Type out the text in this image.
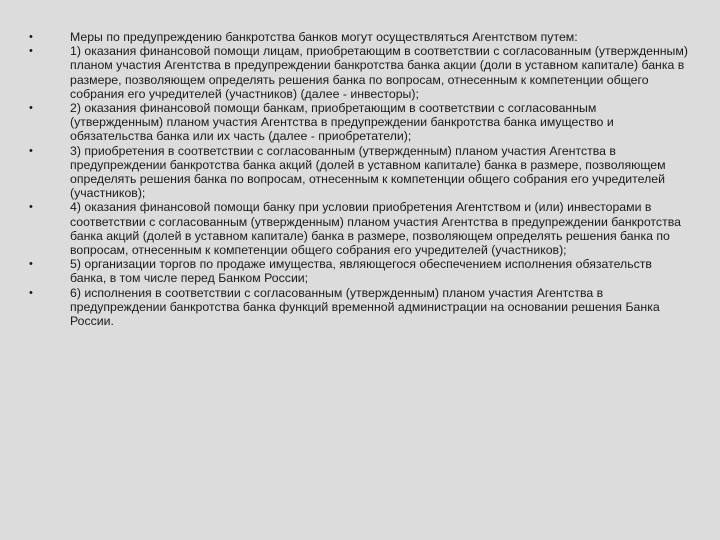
•	Меры по предупреждению банкротства банков могут осуществляться Агентством путем:
•	1) оказания финансовой помощи лицам, приобретающим в соответствии с согласованным (утвержденным) планом участия Агентства в предупреждении банкротства банка акции (доли в уставном капитале) банка в размере, позволяющем определять решения банка по вопросам, отнесенным к компетенции общего собрания его учредителей (участников) (далее - инвесторы);
•	2) оказания финансовой помощи банкам, приобретающим в соответствии с согласованным (утвержденным) планом участия Агентства в предупреждении банкротства банка имущество и обязательства банка или их часть (далее - приобретатели);
•	3) приобретения в соответствии с согласованным (утвержденным) планом участия Агентства в предупреждении банкротства банка акций (долей в уставном капитале) банка в размере, позволяющем определять решения банка по вопросам, отнесенным к компетенции общего собрания его учредителей (участников);
•	4) оказания финансовой помощи банку при условии приобретения Агентством и (или) инвесторами в соответствии с согласованным (утвержденным) планом участия Агентства в предупреждении банкротства банка акций (долей в уставном капитале) банка в размере, позволяющем определять решения банка по вопросам, отнесенным к компетенции общего собрания его учредителей (участников);
•	5) организации торгов по продаже имущества, являющегося обеспечением исполнения обязательств банка, в том числе перед Банком России;
•	6) исполнения в соответствии с согласованным (утвержденным) планом участия Агентства в предупреждении банкротства банка функций временной администрации на основании решения Банка России.
